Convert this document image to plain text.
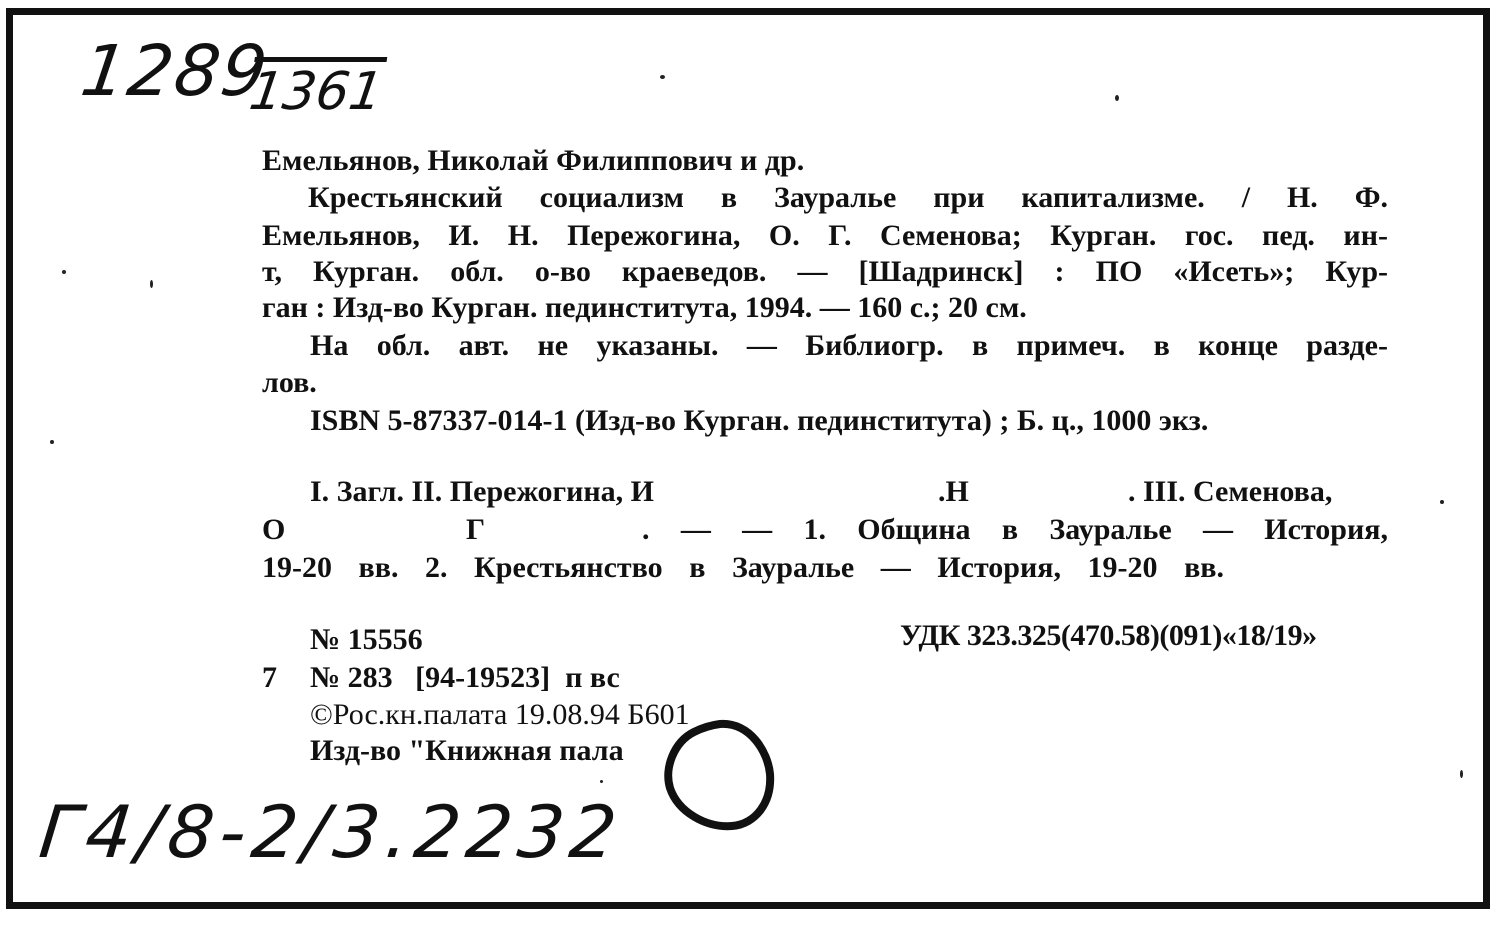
1289
1361
Емельянов, Николай Филиппович и др.
Крестьянский социализм в Зауралье при капитализме. / Н. Ф.
Емельянов, И. Н. Пережогина, О. Г. Семенова; Курган. гос. пед. ин-
т, Курган. обл. о-во краеведов. — [Шадринск] : ПО «Исеть»; Кур-
ган : Изд-во Курган. пединститута, 1994. — 160 с.; 20 см.
На обл. авт. не указаны. — Библиогр. в примеч. в конце разде-
лов.
ISBN 5-87337-014-1 (Изд-во Курган. пединститута) ; Б. ц., 1000 экз.
I. Загл. II. Пережогина, И	.Н	. III. Семенова,
О	Г	. — — 1. Община в Зауралье — История,
19-20 вв. 2. Крестьянство в Зауралье — История, 19-20 вв.
№ 15556	УДК 323.325(470.58)(091)«18/19»
7 № 283   [94-19523]  п вс
©Рос.кн.палата 19.08.94 Б601
Изд-во "Книжная пала
Г4/8-2/3.2232
